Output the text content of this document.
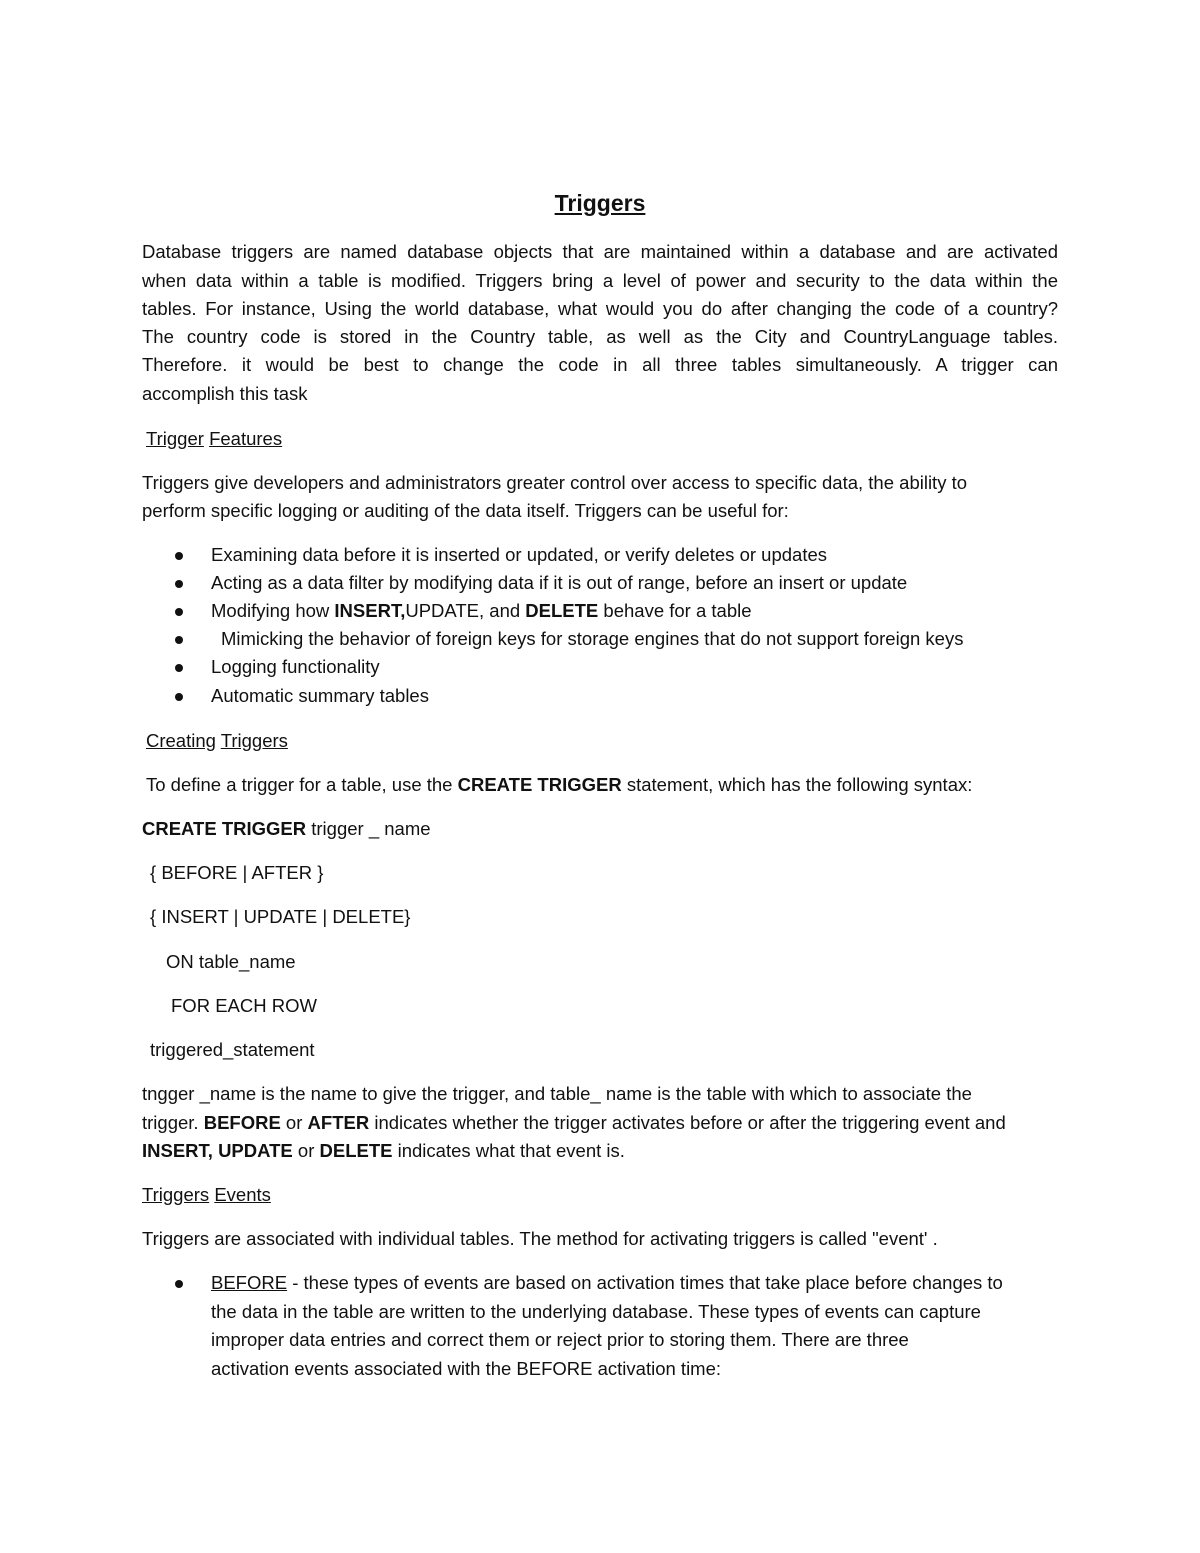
Triggers

Database triggers are named database objects that are maintained within a database and are activated

when data within a table is modified. Triggers bring a level of power and security to the data within the

tables. For instance, Using the world database, what would you do after changing the code of a country?

The country code is stored in the Country table, as well as the City and CountryLanguage tables.

Therefore. it would be best to change the code in all three tables simultaneously. A trigger can

accomplish this task

Trigger Features

Triggers give developers and administrators greater control over access to specific data, the ability to

perform specific logging or auditing of the data itself. Triggers can be useful for:

Examining data before it is inserted or updated, or verify deletes or updates
Acting as a data filter by modifying data if it is out of range, before an insert or update
Modifying how INSERT,UPDATE, and DELETE behave for a table
Mimicking the behavior of foreign keys for storage engines that do not support foreign keys
Logging functionality
Automatic summary tables

Creating Triggers

To define a trigger for a table, use the CREATE TRIGGER statement, which has the following syntax:

CREATE TRIGGER trigger _ name

{ BEFORE | AFTER }

{ INSERT | UPDATE | DELETE}

ON table_name

FOR EACH ROW

triggered_statement

tngger _name is the name to give the trigger, and table_ name is the table with which to associate the

trigger. BEFORE or AFTER indicates whether the trigger activates before or after the triggering event and

INSERT, UPDATE or DELETE indicates what that event is.

Triggers Events

Triggers are associated with individual tables. The method for activating triggers is called "event' .

BEFORE - these types of events are based on activation times that take place before changes to
the data in the table are written to the underlying database. These types of events can capture
improper data entries and correct them or reject prior to storing them. There are three
activation events associated with the BEFORE activation time:
